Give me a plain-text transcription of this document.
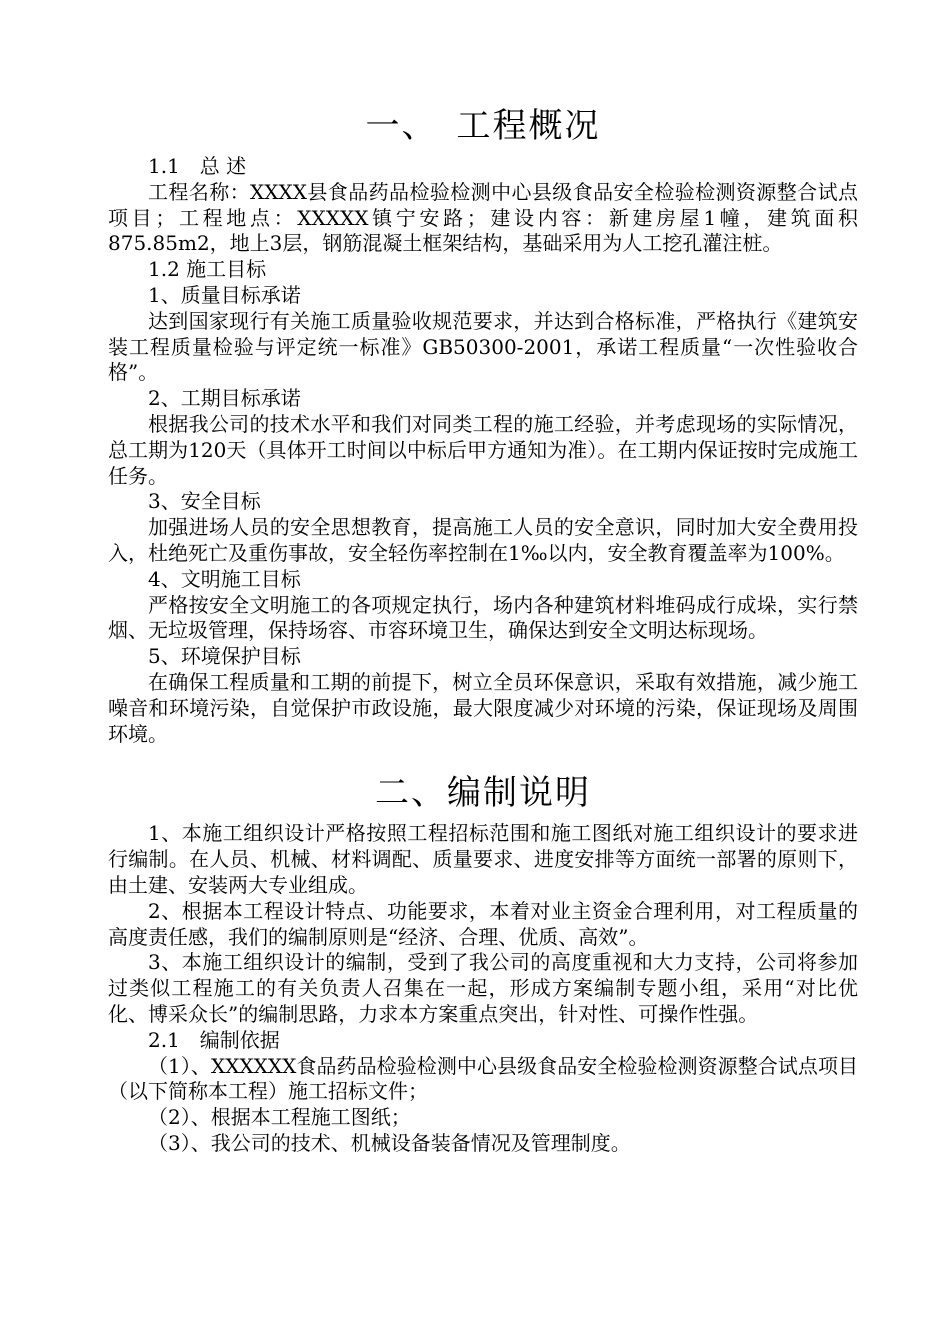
一、　工程概况

1.1　总 述

工程名称：XXXX县食品药品检验检测中心县级食品安全检验检测资源整合试点项目；工程地点：XXXXX镇宁安路；建设内容：新建房屋1幢，建筑面积875.85m2，地上3层，钢筋混凝土框架结构，基础采用为人工挖孔灌注桩。

1.2 施工目标

1、质量目标承诺

达到国家现行有关施工质量验收规范要求，并达到合格标准，严格执行《建筑安装工程质量检验与评定统一标准》GB50300-2001，承诺工程质量“一次性验收合格”。

2、工期目标承诺

根据我公司的技术水平和我们对同类工程的施工经验，并考虑现场的实际情况，总工期为120天（具体开工时间以中标后甲方通知为准）。在工期内保证按时完成施工任务。

3、安全目标

加强进场人员的安全思想教育，提高施工人员的安全意识，同时加大安全费用投入，杜绝死亡及重伤事故，安全轻伤率控制在1‰以内，安全教育覆盖率为100%。

4、文明施工目标

严格按安全文明施工的各项规定执行，场内各种建筑材料堆码成行成垛，实行禁烟、无垃圾管理，保持场容、市容环境卫生，确保达到安全文明达标现场。

5、环境保护目标

在确保工程质量和工期的前提下，树立全员环保意识，采取有效措施，减少施工噪音和环境污染，自觉保护市政设施，最大限度减少对环境的污染，保证现场及周围环境。

二、编制说明

1、本施工组织设计严格按照工程招标范围和施工图纸对施工组织设计的要求进行编制。在人员、机械、材料调配、质量要求、进度安排等方面统一部署的原则下，由土建、安装两大专业组成。

2、根据本工程设计特点、功能要求，本着对业主资金合理利用，对工程质量的高度责任感，我们的编制原则是“经济、合理、优质、高效”。

3、本施工组织设计的编制，受到了我公司的高度重视和大力支持，公司将参加过类似工程施工的有关负责人召集在一起，形成方案编制专题小组，采用“对比优化、博采众长”的编制思路，力求本方案重点突出，针对性、可操作性强。

2.1　编制依据

（1）、XXXXXX食品药品检验检测中心县级食品安全检验检测资源整合试点项目（以下简称本工程）施工招标文件；

（2）、根据本工程施工图纸；

（3）、我公司的技术、机械设备装备情况及管理制度。
